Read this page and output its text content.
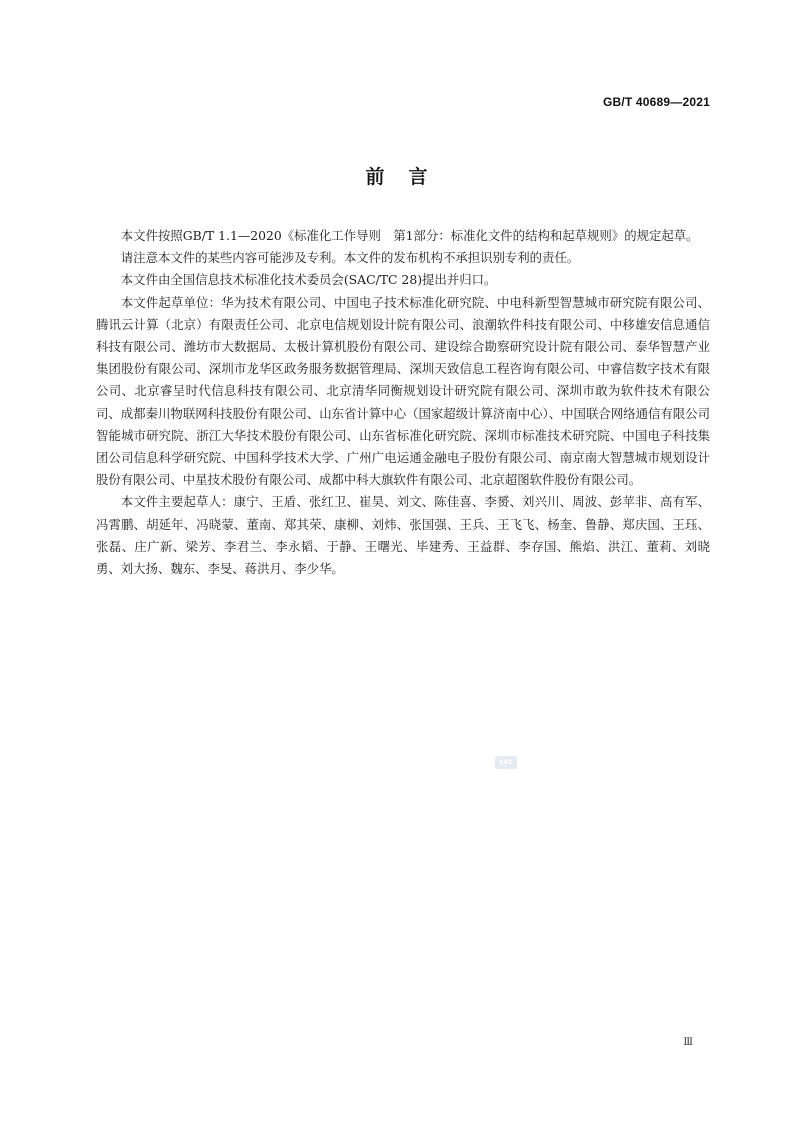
GB/T 40689—2021
前言

本文件按照GB/T 1.1—2020《标准化工作导则　第1部分：标准化文件的结构和起草规则》的规定起草。

请注意本文件的某些内容可能涉及专利。本文件的发布机构不承担识别专利的责任。

本文件由全国信息技术标准化技术委员会(SAC/TC 28)提出并归口。

本文件起草单位：华为技术有限公司、中国电子技术标准化研究院、中电科新型智慧城市研究院有限公司、腾讯云计算（北京）有限责任公司、北京电信规划设计院有限公司、浪潮软件科技有限公司、中移雄安信息通信科技有限公司、潍坊市大数据局、太极计算机股份有限公司、建设综合勘察研究设计院有限公司、泰华智慧产业集团股份有限公司、深圳市龙华区政务服务数据管理局、深圳天致信息工程咨询有限公司、中睿信数字技术有限公司、北京睿呈时代信息科技有限公司、北京清华同衡规划设计研究院有限公司、深圳市敢为软件技术有限公司、成都秦川物联网科技股份有限公司、山东省计算中心（国家超级计算济南中心）、中国联合网络通信有限公司智能城市研究院、浙江大华技术股份有限公司、山东省标准化研究院、深圳市标准技术研究院、中国电子科技集团公司信息科学研究院、中国科学技术大学、广州广电运通金融电子股份有限公司、南京南大智慧城市规划设计股份有限公司、中星技术股份有限公司、成都中科大旗软件有限公司、北京超图软件股份有限公司。

本文件主要起草人：康宁、王盾、张红卫、崔昊、刘文、陈佳喜、李赟、刘兴川、周波、彭苹非、高有军、冯霄鹏、胡延年、冯晓蒙、董南、郑其荣、康柳、刘炜、张国强、王兵、王飞飞、杨奎、鲁静、郑庆国、王珏、张磊、庄广新、梁芳、李君兰、李永韬、于静、王曙光、毕建秀、王益群、李存国、熊焰、洪江、董莉、刘晓勇、刘大扬、魏东、李旻、蒋洪月、李少华。

SAC
Ⅲ
